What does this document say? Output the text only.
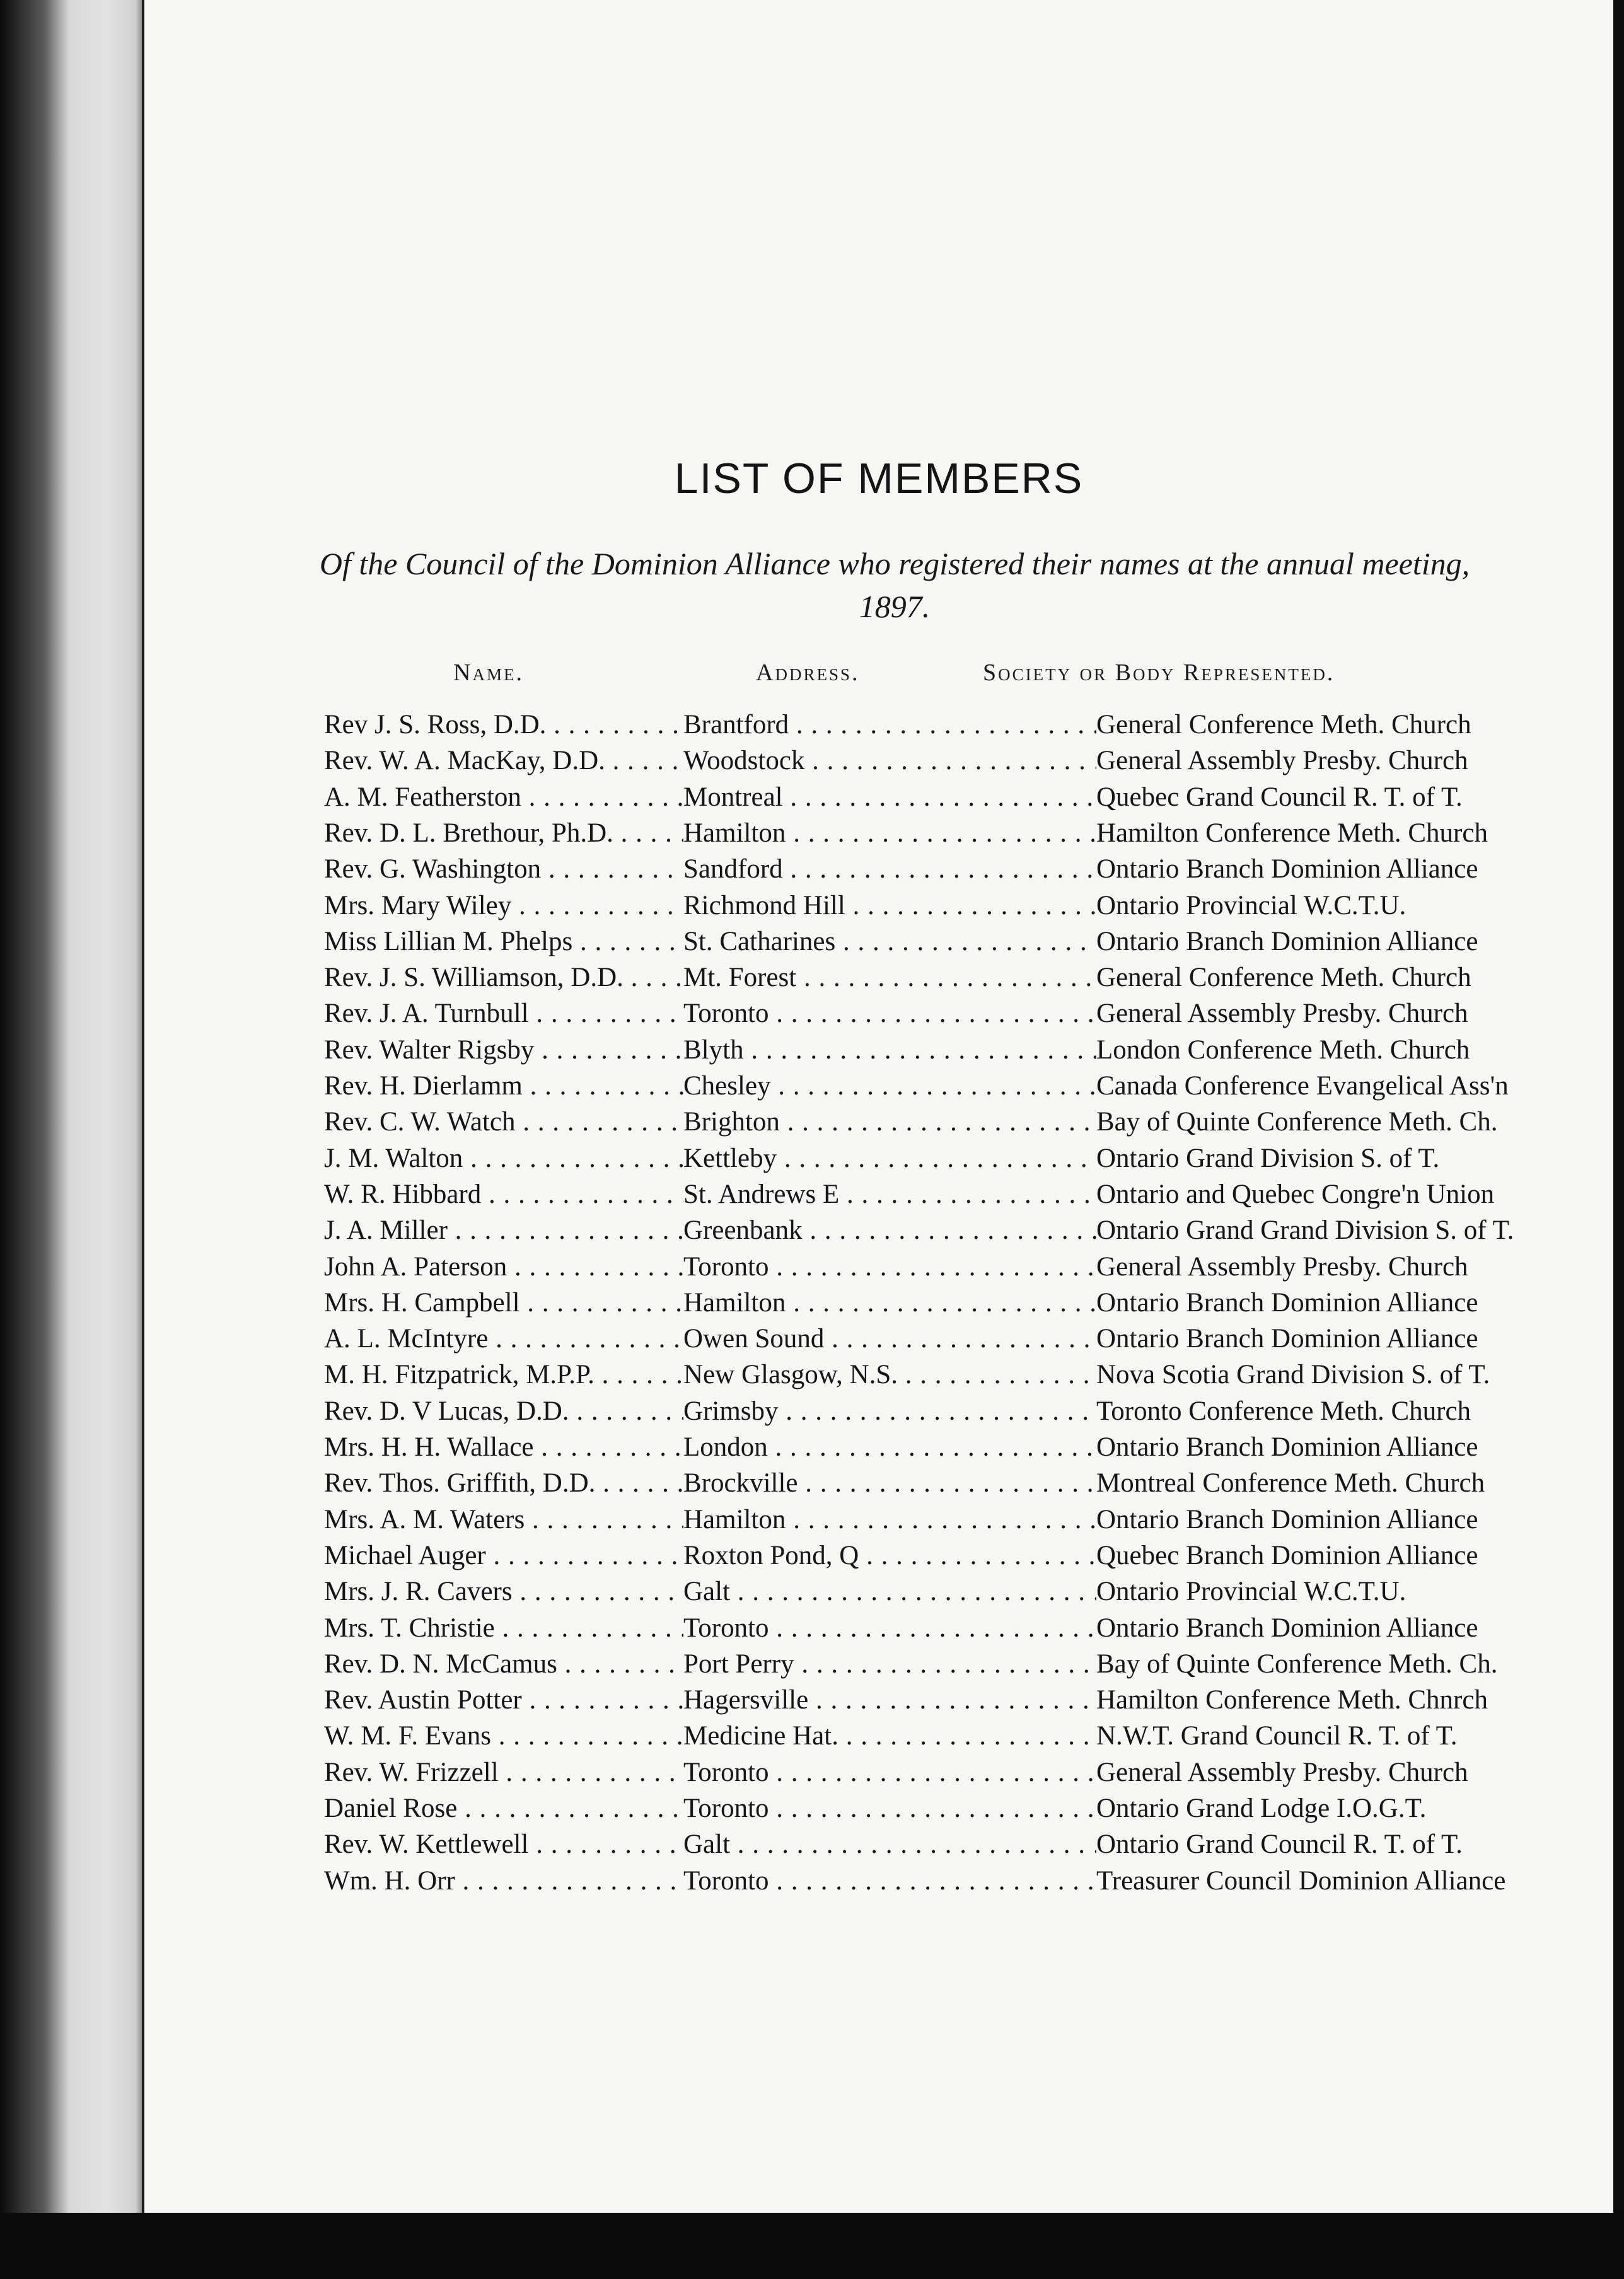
LIST OF MEMBERS
Of the Council of the Dominion Alliance who registered their names at the annual meeting, 1897.
Name.	Address.	Society or Body Represented.
Rev J. S. Ross, D.D. . . .	Brantford . . .	General Conference Meth. Church
Rev. W. A. MacKay, D.D. . . .	Woodstock . . .	General Assembly Presby. Church
A. M. Featherston . . .	Montreal . . .	Quebec Grand Council R. T. of T.
Rev. D. L. Brethour, Ph.D. . . .	Hamilton . . .	Hamilton Conference Meth. Church
Rev. G. Washington . . .	Sandford . . .	Ontario Branch Dominion Alliance
Mrs. Mary Wiley . . .	Richmond Hill . . .	Ontario Provincial W.C.T.U.
Miss Lillian M. Phelps . . .	St. Catharines . . .	Ontario Branch Dominion Alliance
Rev. J. S. Williamson, D.D. . . .	Mt. Forest . . .	General Conference Meth. Church
Rev. J. A. Turnbull . . .	Toronto . . .	General Assembly Presby. Church
Rev. Walter Rigsby . . .	Blyth . . .	London Conference Meth. Church
Rev. H. Dierlamm . . .	Chesley . . .	Canada Conference Evangelical Ass'n
Rev. C. W. Watch . . .	Brighton . . .	Bay of Quinte Conference Meth. Ch.
J. M. Walton . . .	Kettleby . . .	Ontario Grand Division S. of T.
W. R. Hibbard . . .	St. Andrews E . . .	Ontario and Quebec Congre'n Union
J. A. Miller . . .	Greenbank . . .	Ontario Grand Grand Division S. of T.
John A. Paterson . . .	Toronto . . .	General Assembly Presby. Church
Mrs. H. Campbell . . .	Hamilton . . .	Ontario Branch Dominion Alliance
A. L. McIntyre . . .	Owen Sound . . .	Ontario Branch Dominion Alliance
M. H. Fitzpatrick, M.P.P. . . .	New Glasgow, N.S. . . .	Nova Scotia Grand Division S. of T.
Rev. D. V Lucas, D.D. . . .	Grimsby . . .	Toronto Conference Meth. Church
Mrs. H. H. Wallace . . .	London . . .	Ontario Branch Dominion Alliance
Rev. Thos. Griffith, D.D. . . .	Brockville . . .	Montreal Conference Meth. Church
Mrs. A. M. Waters . . .	Hamilton . . .	Ontario Branch Dominion Alliance
Michael Auger . . .	Roxton Pond, Q . . .	Quebec Branch Dominion Alliance
Mrs. J. R. Cavers . . .	Galt . . .	Ontario Provincial W.C.T.U.
Mrs. T. Christie . . .	Toronto . . .	Ontario Branch Dominion Alliance
Rev. D. N. McCamus . . .	Port Perry . . .	Bay of Quinte Conference Meth. Ch.
Rev. Austin Potter . . .	Hagersville . . .	Hamilton Conference Meth. Chnrch
W. M. F. Evans . . .	Medicine Hat. . . .	N.W.T. Grand Council R. T. of T.
Rev. W. Frizzell . . .	Toronto . . .	General Assembly Presby. Church
Daniel Rose . . .	Toronto . . .	Ontario Grand Lodge I.O.G.T.
Rev. W. Kettlewell . . .	Galt . . .	Ontario Grand Council R. T. of T.
Wm. H. Orr . . .	Toronto . . .	Treasurer Council Dominion Alliance
